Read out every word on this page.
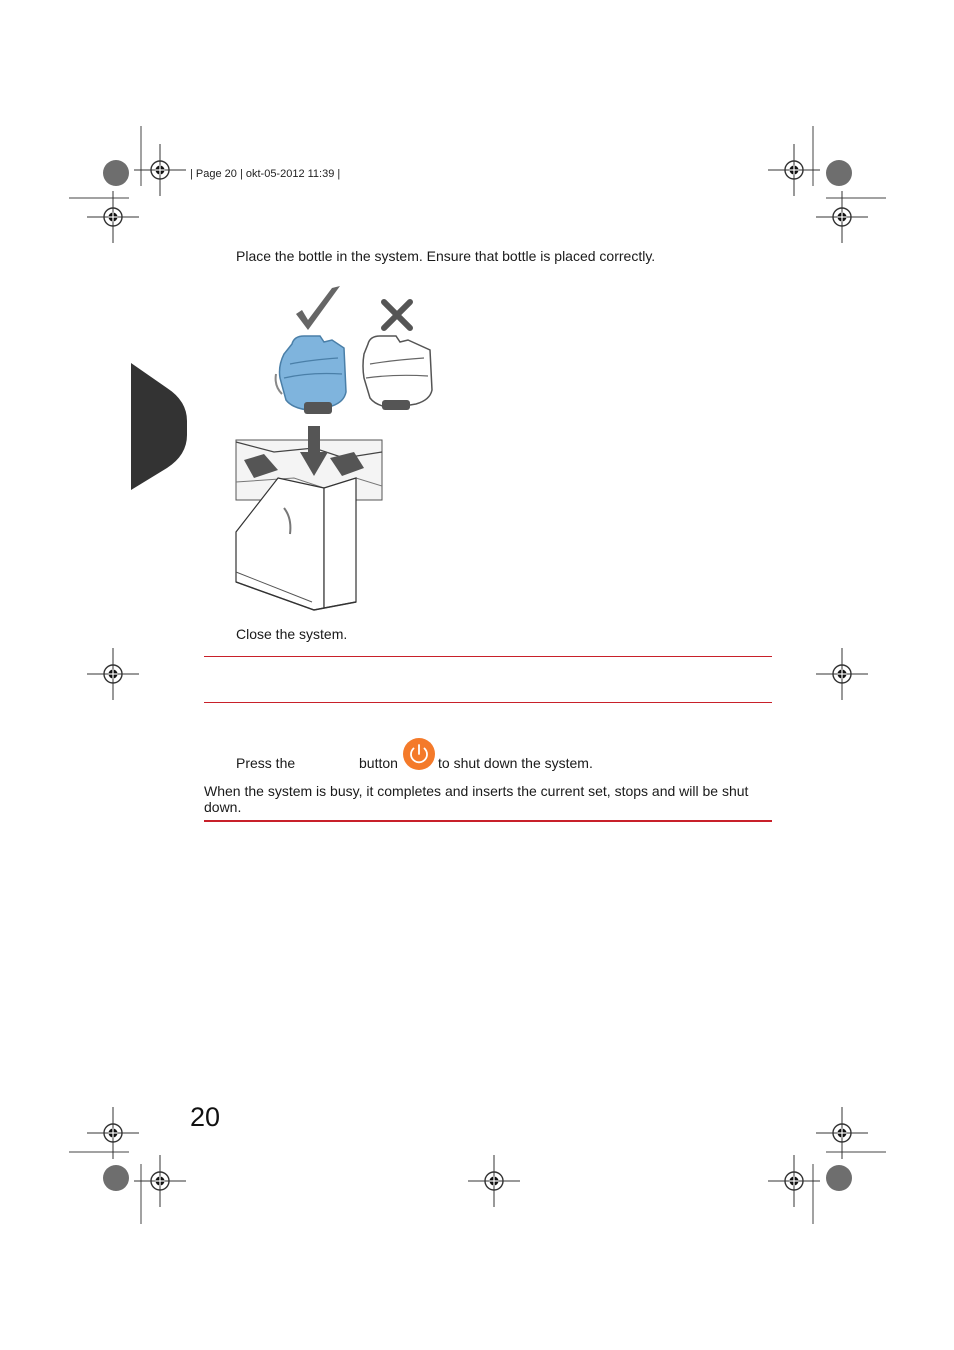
| Page 20 | okt-05-2012 11:39 |
Place the bottle in the system. Ensure that bottle is placed correctly.
Close the system.
Press the	button	to shut down the system.
When the system is busy, it completes and inserts the current set, stops and will be shut down.
20
